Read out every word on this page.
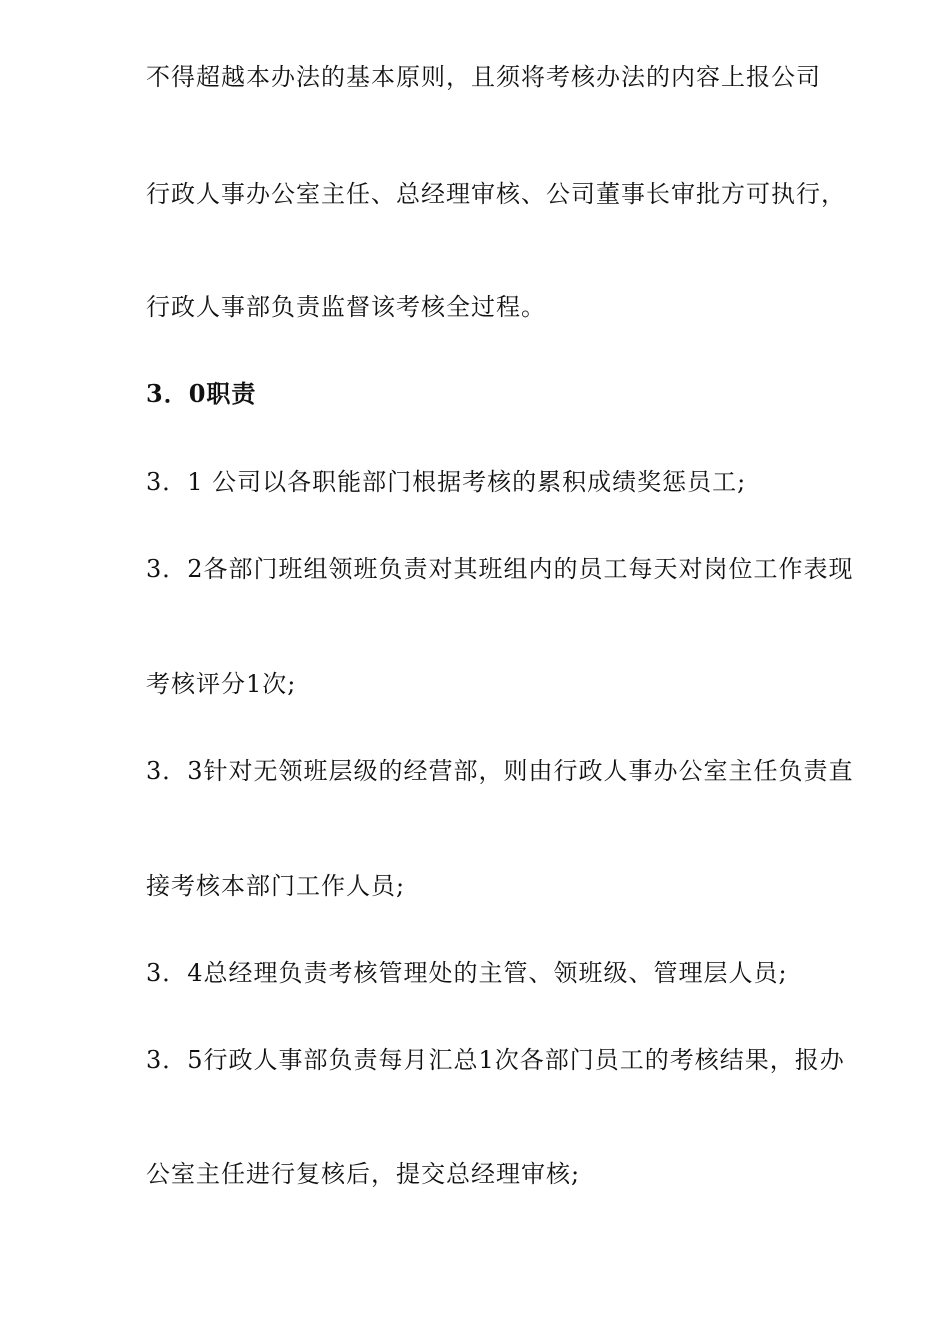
不得超越本办法的基本原则，且须将考核办法的内容上报公司
行政人事办公室主任、总经理审核、公司董事长审批方可执行，
行政人事部负责监督该考核全过程。
3．0职责
3．1 公司以各职能部门根据考核的累积成绩奖惩员工;
3．2各部门班组领班负责对其班组内的员工每天对岗位工作表现
考核评分1次;
3．3针对无领班层级的经营部，则由行政人事办公室主任负责直
接考核本部门工作人员;
3．4总经理负责考核管理处的主管、领班级、管理层人员;
3．5行政人事部负责每月汇总1次各部门员工的考核结果，报办
公室主任进行复核后，提交总经理审核;
